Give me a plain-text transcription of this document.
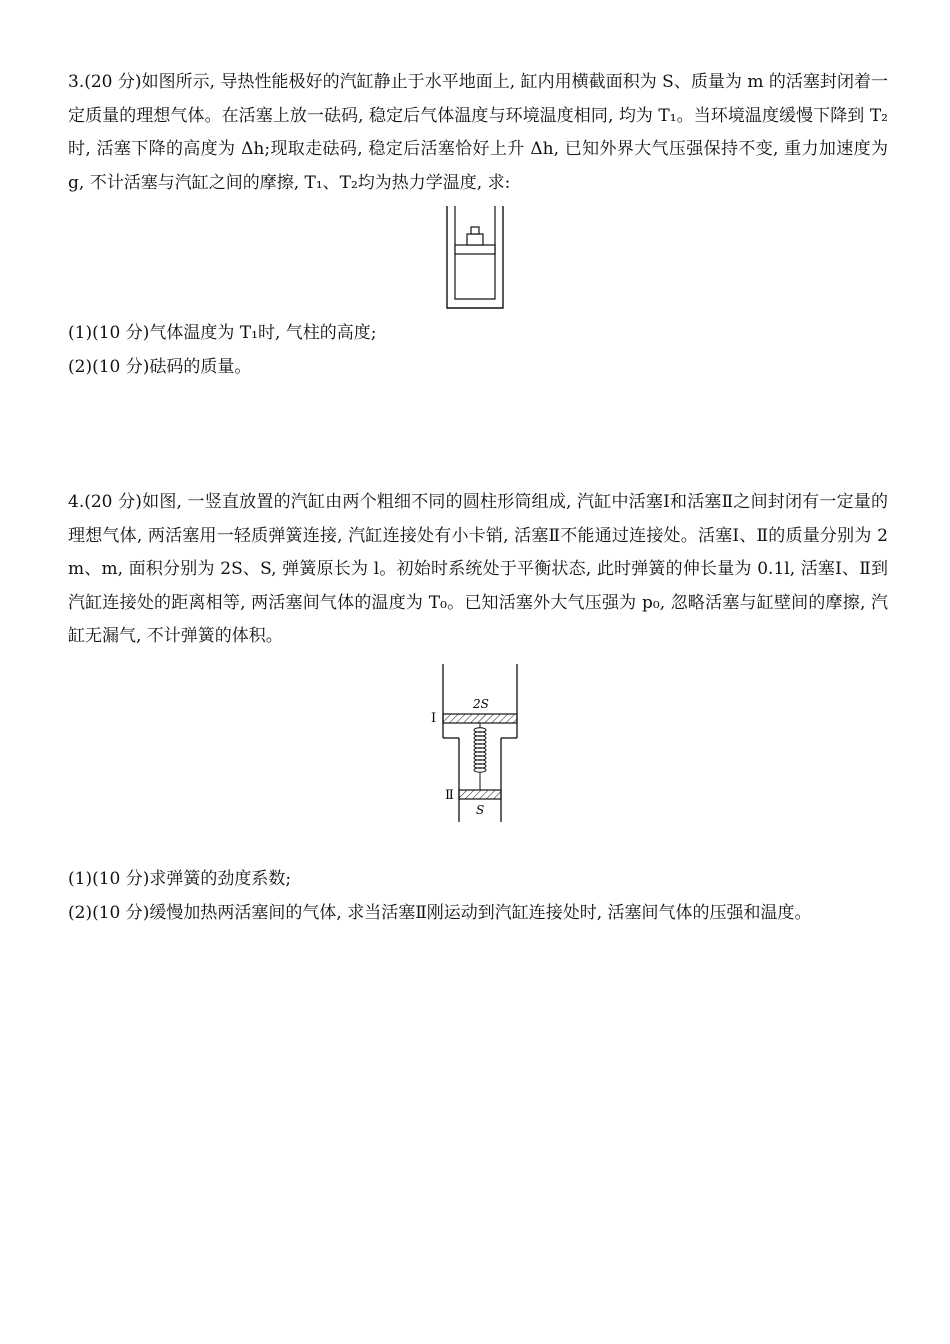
3.(20 分)如图所示, 导热性能极好的汽缸静止于水平地面上, 缸内用横截面积为 S、质量为 m 的活塞封闭着一定质量的理想气体。在活塞上放一砝码, 稳定后气体温度与环境温度相同, 均为 T₁。当环境温度缓慢下降到 T₂时, 活塞下降的高度为 Δh;现取走砝码, 稳定后活塞恰好上升 Δh, 已知外界大气压强保持不变, 重力加速度为 g, 不计活塞与汽缸之间的摩擦, T₁、T₂均为热力学温度, 求:

(1)(10 分)气体温度为 T₁时, 气柱的高度;

(2)(10 分)砝码的质量。

4.(20 分)如图, 一竖直放置的汽缸由两个粗细不同的圆柱形筒组成, 汽缸中活塞Ⅰ和活塞Ⅱ之间封闭有一定量的理想气体, 两活塞用一轻质弹簧连接, 汽缸连接处有小卡销, 活塞Ⅱ不能通过连接处。活塞Ⅰ、Ⅱ的质量分别为 2m、m, 面积分别为 2S、S, 弹簧原长为 l。初始时系统处于平衡状态, 此时弹簧的伸长量为 0.1l, 活塞Ⅰ、Ⅱ到汽缸连接处的距离相等, 两活塞间气体的温度为 T₀。已知活塞外大气压强为 p₀, 忽略活塞与缸壁间的摩擦, 汽缸无漏气, 不计弹簧的体积。

2S
S
Ⅰ
Ⅱ

(1)(10 分)求弹簧的劲度系数;

(2)(10 分)缓慢加热两活塞间的气体, 求当活塞Ⅱ刚运动到汽缸连接处时, 活塞间气体的压强和温度。
